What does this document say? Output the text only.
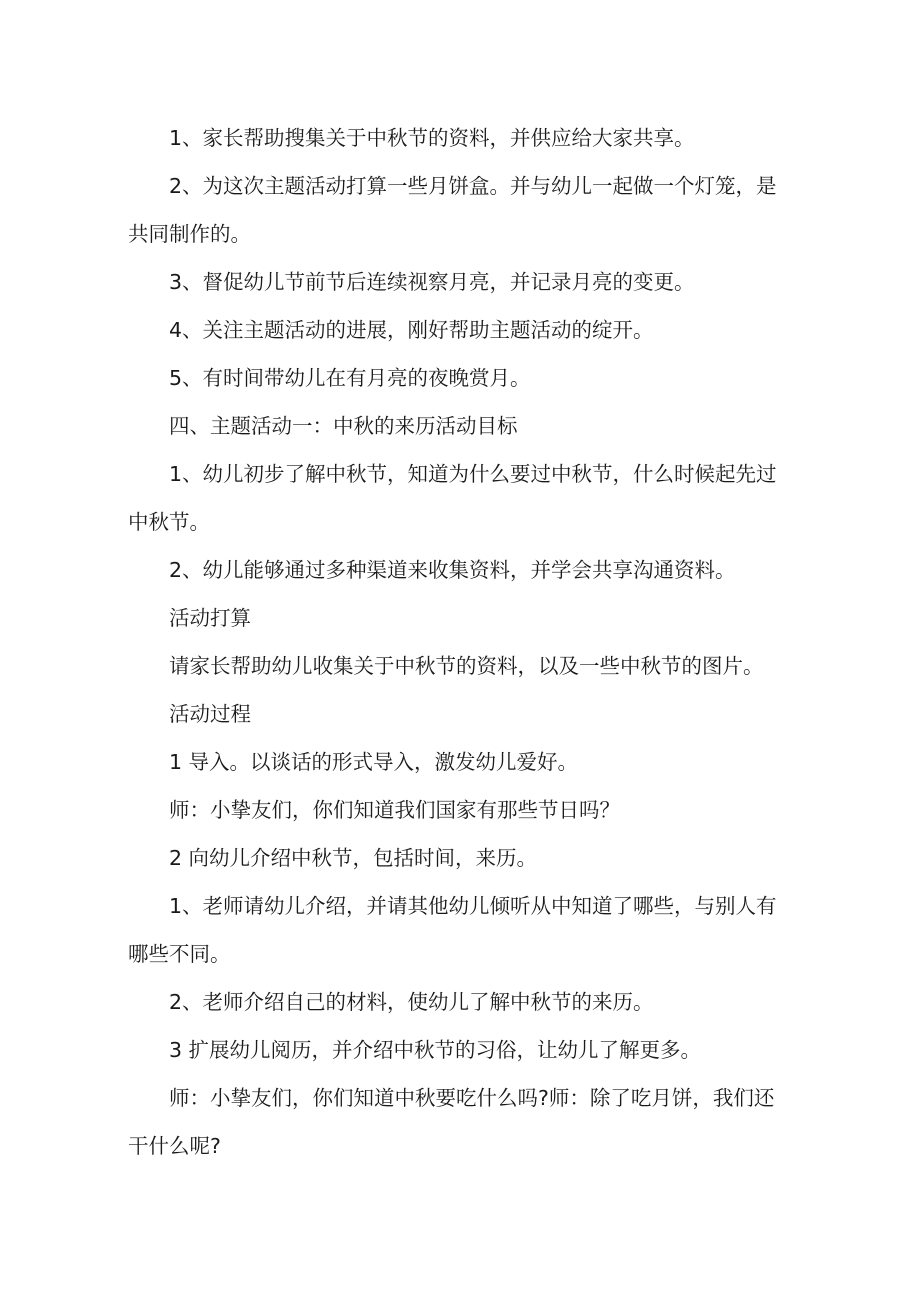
1、家长帮助搜集关于中秋节的资料，并供应给大家共享。

2、为这次主题活动打算一些月饼盒。并与幼儿一起做一个灯笼，是共同制作的。

3、督促幼儿节前节后连续视察月亮，并记录月亮的变更。

4、关注主题活动的进展，刚好帮助主题活动的绽开。

5、有时间带幼儿在有月亮的夜晚赏月。

四、主题活动一：中秋的来历活动目标

1、幼儿初步了解中秋节，知道为什么要过中秋节，什么时候起先过中秋节。

2、幼儿能够通过多种渠道来收集资料，并学会共享沟通资料。

活动打算

请家长帮助幼儿收集关于中秋节的资料，以及一些中秋节的图片。

活动过程

1 导入。以谈话的形式导入，激发幼儿爱好。

师：小挚友们，你们知道我们国家有那些节日吗？

2 向幼儿介绍中秋节，包括时间，来历。

1、老师请幼儿介绍，并请其他幼儿倾听从中知道了哪些，与别人有哪些不同。

2、老师介绍自己的材料，使幼儿了解中秋节的来历。

3 扩展幼儿阅历，并介绍中秋节的习俗，让幼儿了解更多。

师：小挚友们，你们知道中秋要吃什么吗?师：除了吃月饼，我们还干什么呢?
